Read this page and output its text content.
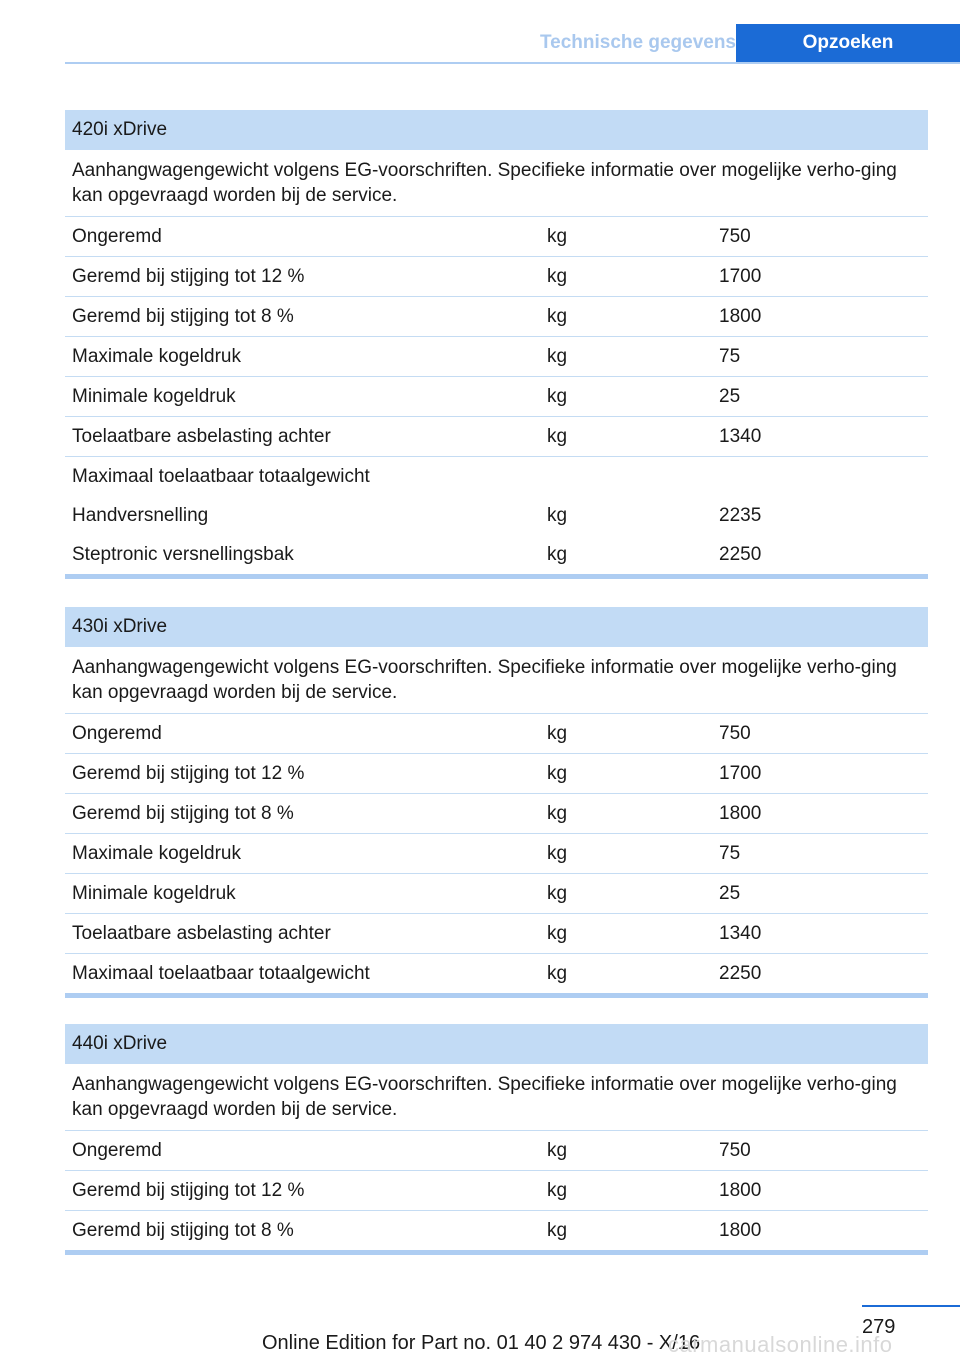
Technische gegevens	Opzoeken
420i xDrive
Aanhangwagengewicht volgens EG-voorschriften. Specifieke informatie over mogelijke verho-ging kan opgevraagd worden bij de service.
Ongeremd	kg	750
Geremd bij stijging tot 12 %	kg	1700
Geremd bij stijging tot 8 %	kg	1800
Maximale kogeldruk	kg	75
Minimale kogeldruk	kg	25
Toelaatbare asbelasting achter	kg	1340
Maximaal toelaatbaar totaalgewicht
Handversnelling	kg	2235
Steptronic versnellingsbak	kg	2250
430i xDrive
Aanhangwagengewicht volgens EG-voorschriften. Specifieke informatie over mogelijke verho-ging kan opgevraagd worden bij de service.
Ongeremd	kg	750
Geremd bij stijging tot 12 %	kg	1700
Geremd bij stijging tot 8 %	kg	1800
Maximale kogeldruk	kg	75
Minimale kogeldruk	kg	25
Toelaatbare asbelasting achter	kg	1340
Maximaal toelaatbaar totaalgewicht	kg	2250
440i xDrive
Aanhangwagengewicht volgens EG-voorschriften. Specifieke informatie over mogelijke verho-ging kan opgevraagd worden bij de service.
Ongeremd	kg	750
Geremd bij stijging tot 12 %	kg	1800
Geremd bij stijging tot 8 %	kg	1800
279
Online Edition for Part no. 01 40 2 974 430 - X/16
carmanualsonline.info
